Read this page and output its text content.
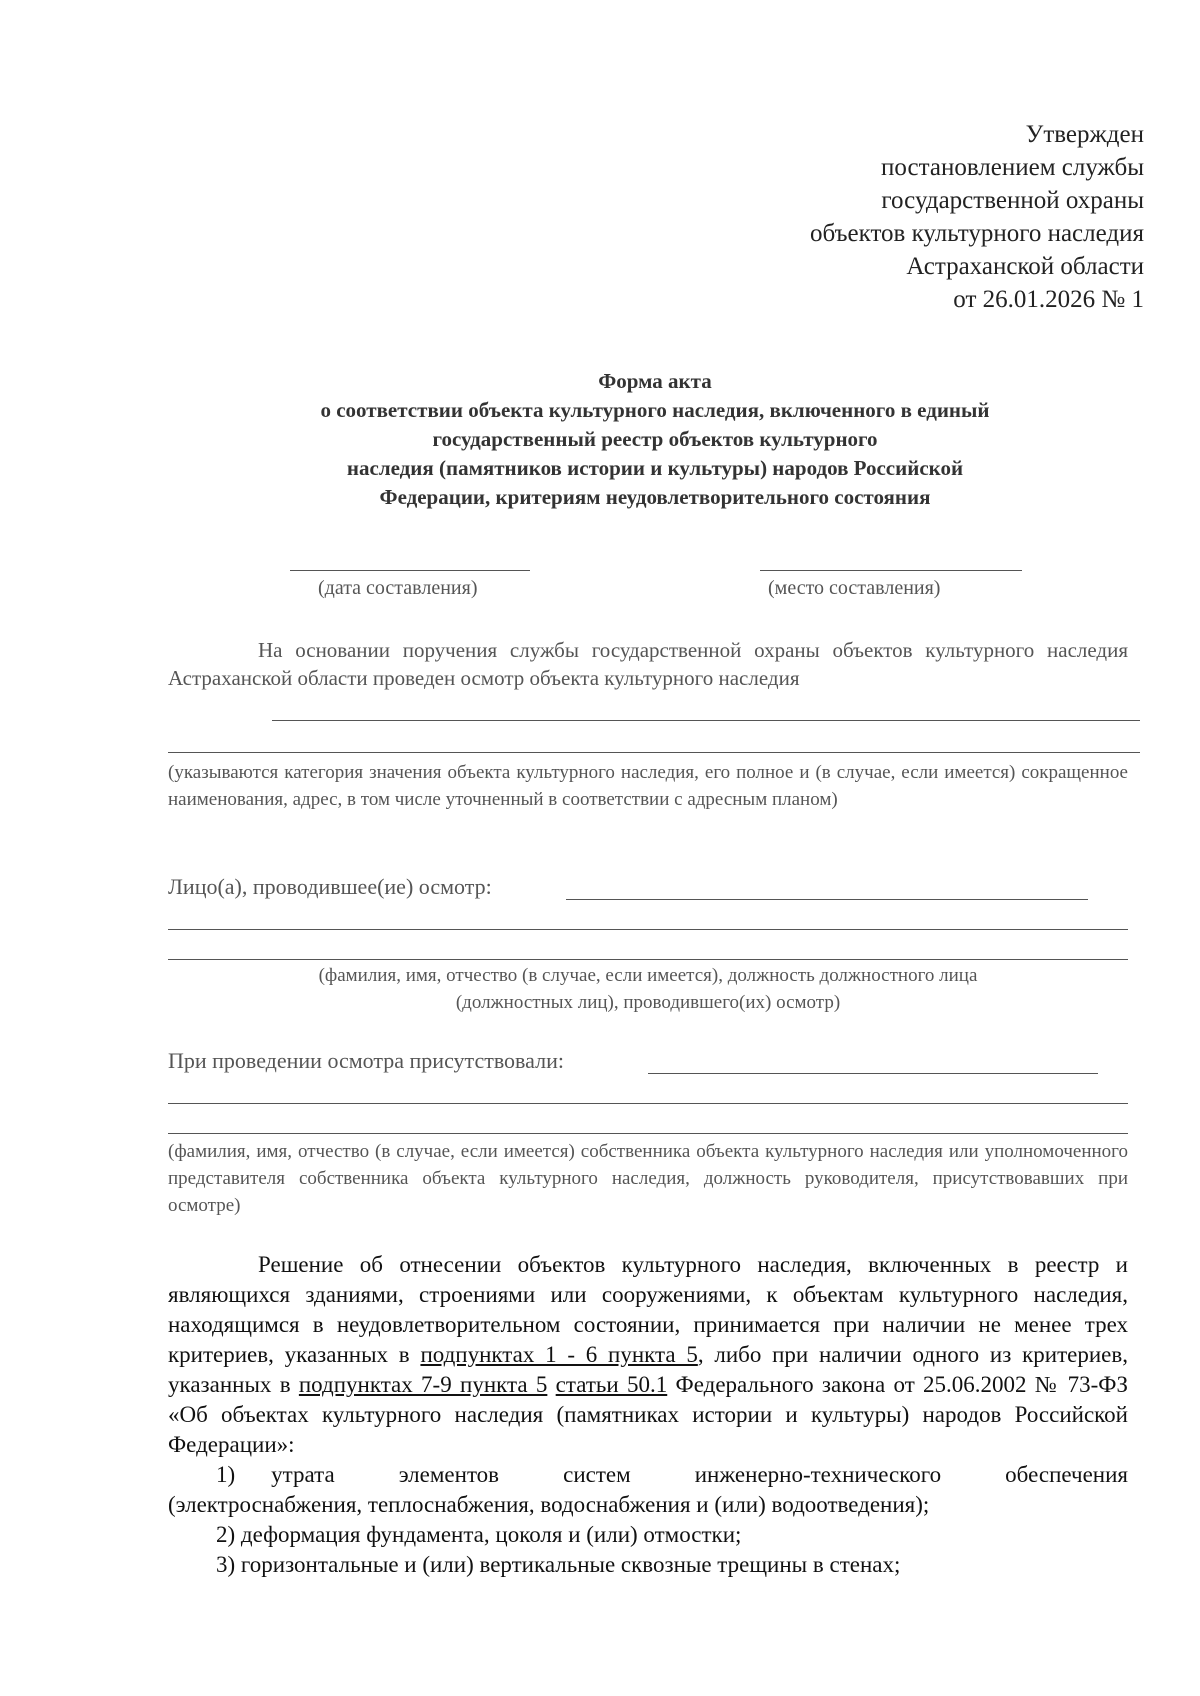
Утвержден
постановлением службы
государственной охраны
объектов культурного наследия
Астраханской области
от 26.01.2026 № 1
Форма акта
о соответствии объекта культурного наследия, включенного в единый
государственный реестр объектов культурного
наследия (памятников истории и культуры) народов Российской
Федерации, критериям неудовлетворительного состояния
(дата составления)	(место составления)
На основании поручения службы государственной охраны объектов культурного наследия Астраханской области проведен осмотр объекта культурного наследия
(указываются категория значения объекта культурного наследия, его полное и (в случае, если имеется) сокращенное наименования, адрес, в том числе уточненный в соответствии с адресным планом)
Лицо(а), проводившее(ие) осмотр:
(фамилия, имя, отчество (в случае, если имеется), должность должностного лица
(должностных лиц), проводившего(их) осмотр)
При проведении осмотра присутствовали:
(фамилия, имя, отчество (в случае, если имеется) собственника объекта культурного наследия или уполномоченного представителя собственника объекта культурного наследия, должность руководителя, присутствовавших при осмотре)
Решение об отнесении объектов культурного наследия, включенных в реестр и являющихся зданиями, строениями или сооружениями, к объектам культурного наследия, находящимся в неудовлетворительном состоянии, принимается при наличии не менее трех критериев, указанных в подпунктах 1 - 6 пункта 5, либо при наличии одного из критериев, указанных в подпунктах 7-9 пункта 5 статьи 50.1 Федерального закона от 25.06.2002 № 73-ФЗ «Об объектах культурного наследия (памятниках истории и культуры) народов Российской Федерации»:
1) утрата элементов систем инженерно-технического обеспечения
(электроснабжения, теплоснабжения, водоснабжения и (или) водоотведения);
2) деформация фундамента, цоколя и (или) отмостки;
3) горизонтальные и (или) вертикальные сквозные трещины в стенах;
